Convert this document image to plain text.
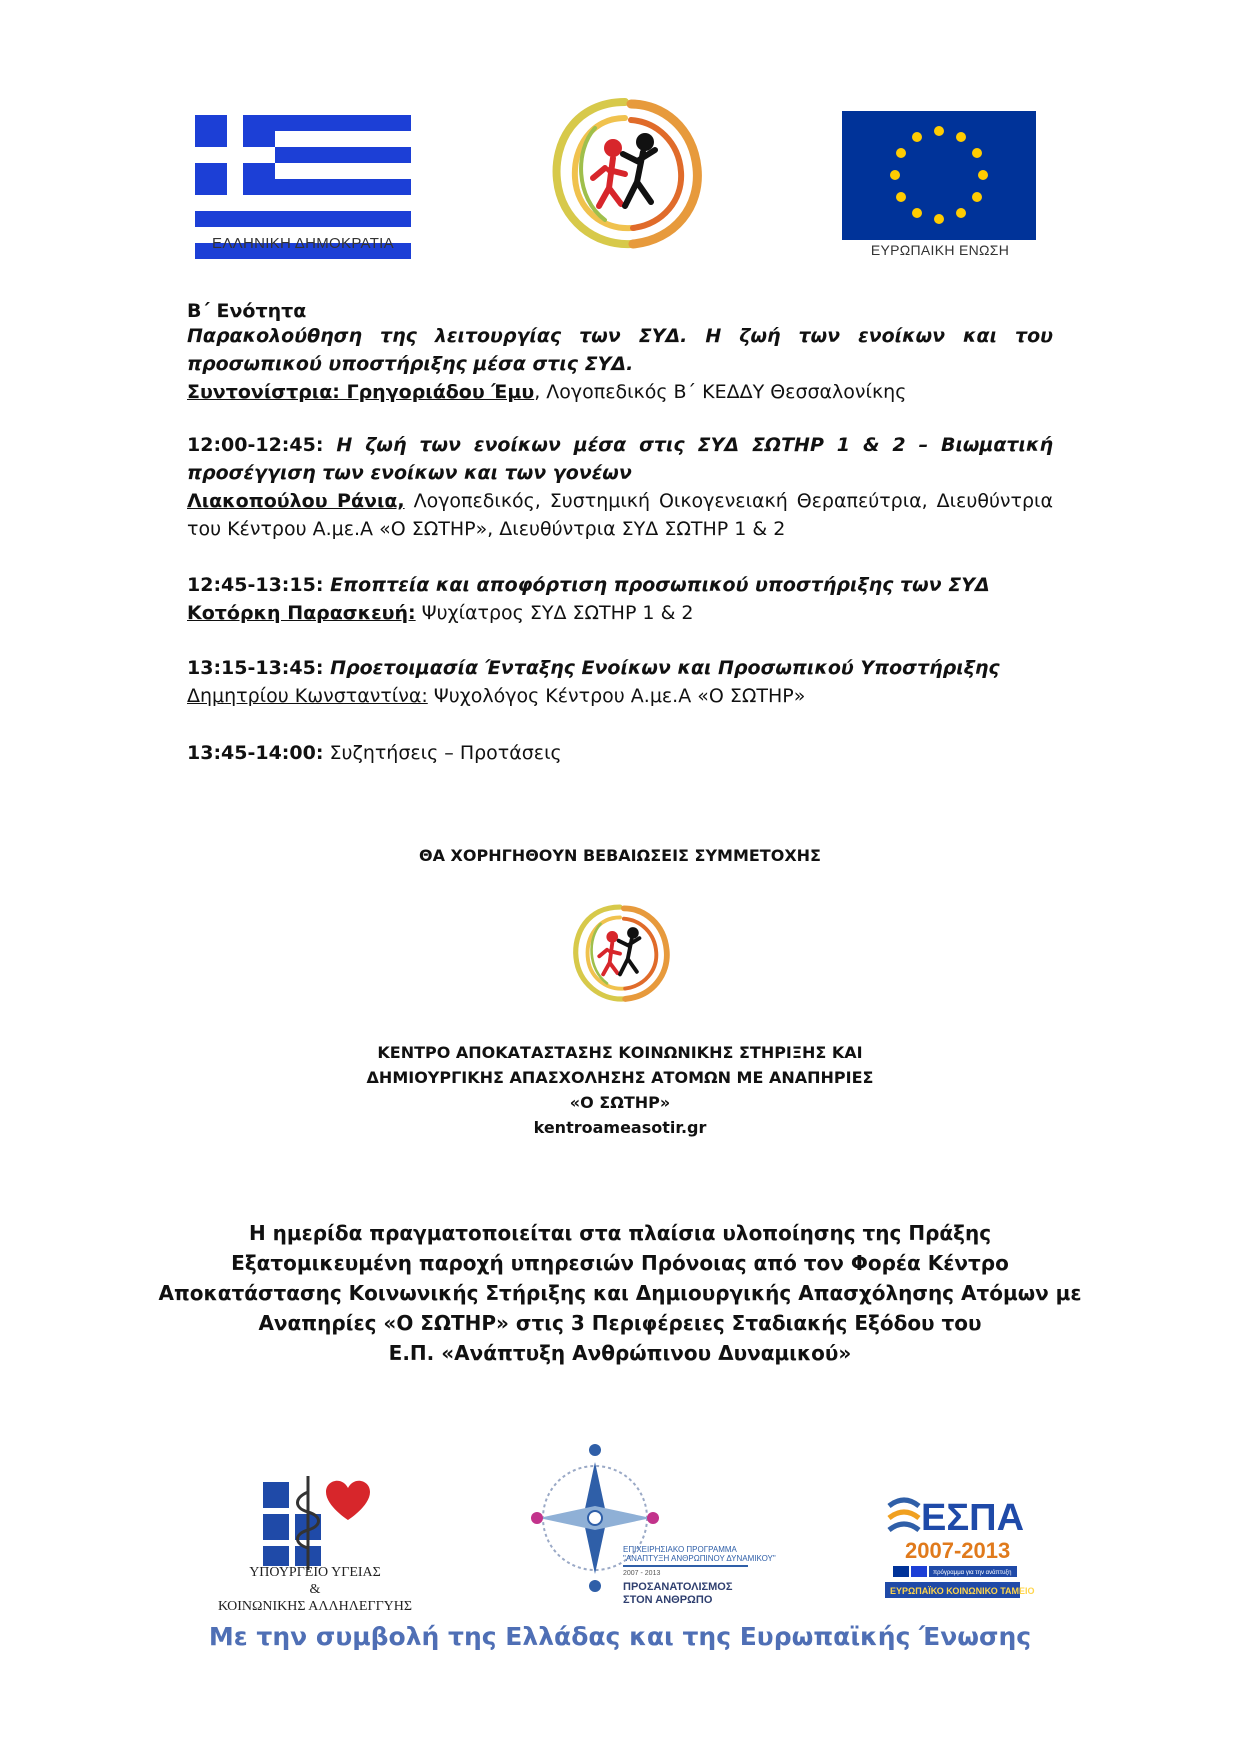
ΕΛΛΗΝΙΚΗ ΔΗΜΟΚΡΑΤΙΑ	ΕΥΡΩΠΑΙΚΗ ΕΝΩΣΗ
Β΄ Ενότητα
Παρακολούθηση της λειτουργίας των ΣΥΔ. Η ζωή των ενοίκων και του προσωπικού υποστήριξης μέσα στις ΣΥΔ.
Συντονίστρια: Γρηγοριάδου Έμυ, Λογοπεδικός Β΄ ΚΕΔΔΥ Θεσσαλονίκης

12:00-12:45: Η ζωή των ενοίκων μέσα στις ΣΥΔ ΣΩΤΗΡ 1 & 2 – Βιωματική προσέγγιση των ενοίκων και των γονέων

Λιακοπούλου Ράνια, Λογοπεδικός, Συστημική Οικογενειακή Θεραπεύτρια, Διευθύντρια του Κέντρου Α.με.Α «Ο ΣΩΤΗΡ», Διευθύντρια ΣΥΔ ΣΩΤΗΡ 1 & 2

12:45-13:15: Εποπτεία και αποφόρτιση προσωπικού υποστήριξης των ΣΥΔ

Κοτόρκη Παρασκευή: Ψυχίατρος ΣΥΔ ΣΩΤΗΡ 1 & 2

13:15-13:45: Προετοιμασία Ένταξης Ενοίκων και Προσωπικού Υποστήριξης

Δημητρίου Κωνσταντίνα: Ψυχολόγος Κέντρου Α.με.Α «Ο ΣΩΤΗΡ»

13:45-14:00: Συζητήσεις – Προτάσεις

ΘΑ ΧΟΡΗΓΗΘΟΥΝ ΒΕΒΑΙΩΣΕΙΣ ΣΥΜΜΕΤΟΧΗΣ
ΚΕΝΤΡΟ ΑΠΟΚΑΤΑΣΤΑΣΗΣ ΚΟΙΝΩΝΙΚΗΣ ΣΤΗΡΙΞΗΣ ΚΑΙ
ΔΗΜΙΟΥΡΓΙΚΗΣ ΑΠΑΣΧΟΛΗΣΗΣ ΑΤΟΜΩΝ ΜΕ ΑΝΑΠΗΡΙΕΣ
«Ο ΣΩΤΗΡ»
kentroameasotir.gr
Η ημερίδα πραγματοποιείται στα πλαίσια υλοποίησης της Πράξης
Εξατομικευμένη παροχή υπηρεσιών Πρόνοιας από τον Φορέα Κέντρο
Αποκατάστασης Κοινωνικής Στήριξης και Δημιουργικής Απασχόλησης Ατόμων με
Αναπηρίες «Ο ΣΩΤΗΡ» στις 3 Περιφέρειες Σταδιακής Εξόδου του
Ε.Π. «Ανάπτυξη Ανθρώπινου Δυναμικού»
ΥΠΟΥΡΓΕΙΟ ΥΓΕΙΑΣ
&
ΚΟΙΝΩΝΙΚΗΣ ΑΛΛΗΛΕΓΓΥΗΣ
ΕΠΙΧΕΙΡΗΣΙΑΚΟ ΠΡΟΓΡΑΜΜΑ
"ΑΝΑΠΤΥΞΗ ΑΝΘΡΩΠΙΝΟΥ ΔΥΝΑΜΙΚΟΥ"
2007 - 2013
ΠΡΟΣΑΝΑΤΟΛΙΣΜΟΣ
ΣΤΟΝ ΑΝΘΡΩΠΟ
ΕΣΠΑ
2007-2013
πρόγραμμα για την ανάπτυξη
ΕΥΡΩΠΑΪΚΟ ΚΟΙΝΩΝΙΚΟ ΤΑΜΕΙΟ
Με την συμβολή της Ελλάδας και της Ευρωπαϊκής Ένωσης
